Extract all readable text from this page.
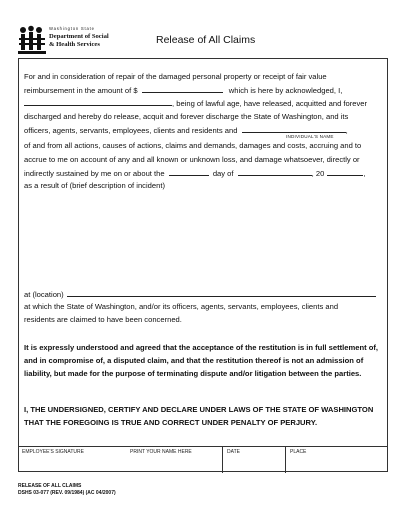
Washington State
Department of Social
& Health Services	Release of All Claims
For and in consideration of repair of the damaged personal property or receipt of fair value
reimbursement in the amount of $	which is here by acknowledged, I,
, being of lawful age, have released, acquitted and forever
discharged and hereby do release, acquit and forever discharge the State of Washington, and its
officers, agents, servants, employees, clients and residents and	,
INDIVIDUAL'S NAME
of and from all actions, causes of actions, claims and demands, damages and costs, accruing and to
accrue to me on account of any and all known or unknown loss, and damage whatsoever, directly or
indirectly sustained by me on or about the	day of	, 20	,
as a result of (brief description of incident)
at (location)
at which the State of Washington, and/or its officers, agents, servants, employees, clients and
residents are claimed to have been concerned.
It is expressly understood and agreed that the acceptance of the restitution is in full settlement of, and in compromise of, a disputed claim, and that the restitution thereof is not an admission of liability, but made for the purpose of terminating dispute and/or litigation between the parties.
I, THE UNDERSIGNED, CERTIFY AND DECLARE UNDER LAWS OF THE STATE OF WASHINGTON THAT THE FOREGOING IS TRUE AND CORRECT UNDER PENALTY OF PERJURY.
EMPLOYEE'S SIGNATURE	PRINT YOUR NAME HERE	DATE	PLACE
RELEASE OF ALL CLAIMS
DSHS 03-077 (REV. 09/1984) (AC 04/2007)
